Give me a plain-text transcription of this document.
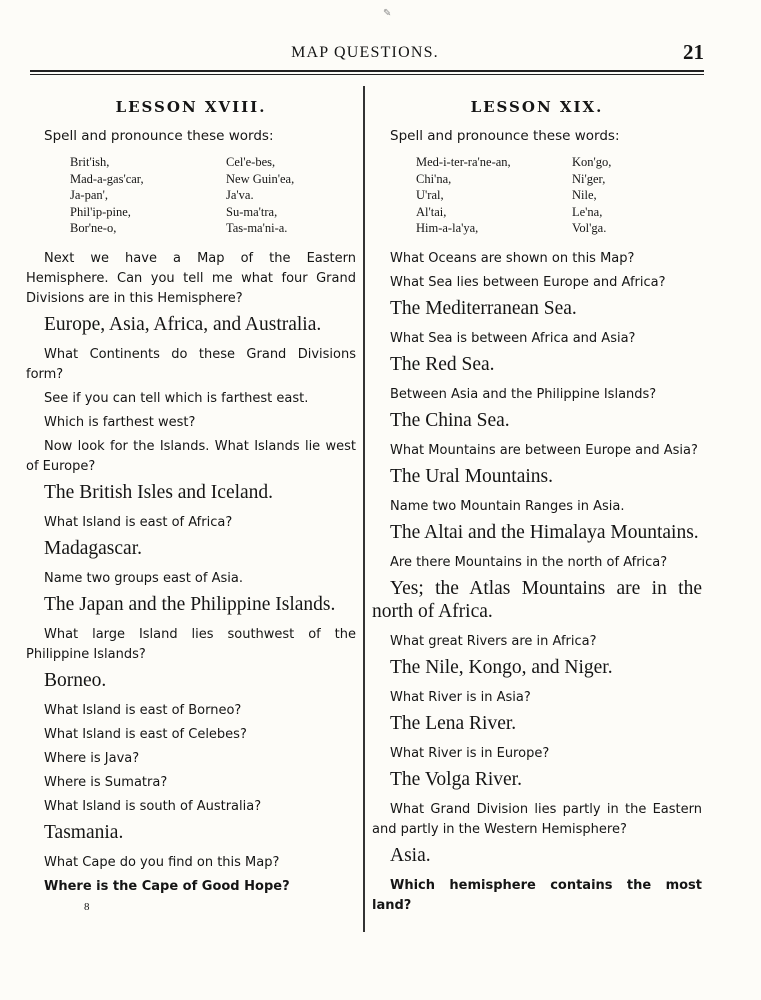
✎
MAP QUESTIONS.	21
LESSON XVIII.
Spell and pronounce these words:
Brit'ish,	Cel'e-bes,
Mad-a-gas'car,	New Guin'ea,
Ja-pan',	Ja'va.
Phil'ip-pine,	Su-ma'tra,
Bor'ne-o,	Tas-ma'ni-a.

Next we have a Map of the Eastern Hemisphere. Can you tell me what four Grand Divisions are in this Hemisphere?

Europe, Asia, Africa, and Australia.

What Continents do these Grand Divisions form?

See if you can tell which is farthest east.

Which is farthest west?

Now look for the Islands. What Islands lie west of Europe?

The British Isles and Iceland.

What Island is east of Africa?

Madagascar.

Name two groups east of Asia.

The Japan and the Philippine Islands.

What large Island lies southwest of the Philippine Islands?

Borneo.

What Island is east of Borneo?

What Island is east of Celebes?

Where is Java?

Where is Sumatra?

What Island is south of Australia?

Tasmania.

What Cape do you find on this Map?

Where is the Cape of Good Hope?

8
LESSON XIX.
Spell and pronounce these words:
Med-i-ter-ra'ne-an,	Kon'go,
Chi'na,	Ni'ger,
U'ral,	Nile,
Al'tai,	Le'na,
Him-a-la'ya,	Vol'ga.

What Oceans are shown on this Map?

What Sea lies between Europe and Africa?

The Mediterranean Sea.

What Sea is between Africa and Asia?

The Red Sea.

Between Asia and the Philippine Islands?

The China Sea.

What Mountains are between Europe and Asia?

The Ural Mountains.

Name two Mountain Ranges in Asia.

The Altai and the Himalaya Mountains.

Are there Mountains in the north of Africa?

Yes; the Atlas Mountains are in the north of Africa.

What great Rivers are in Africa?

The Nile, Kongo, and Niger.

What River is in Asia?

The Lena River.

What River is in Europe?

The Volga River.

What Grand Division lies partly in the Eastern and partly in the Western Hemisphere?

Asia.

Which hemisphere contains the most land?
